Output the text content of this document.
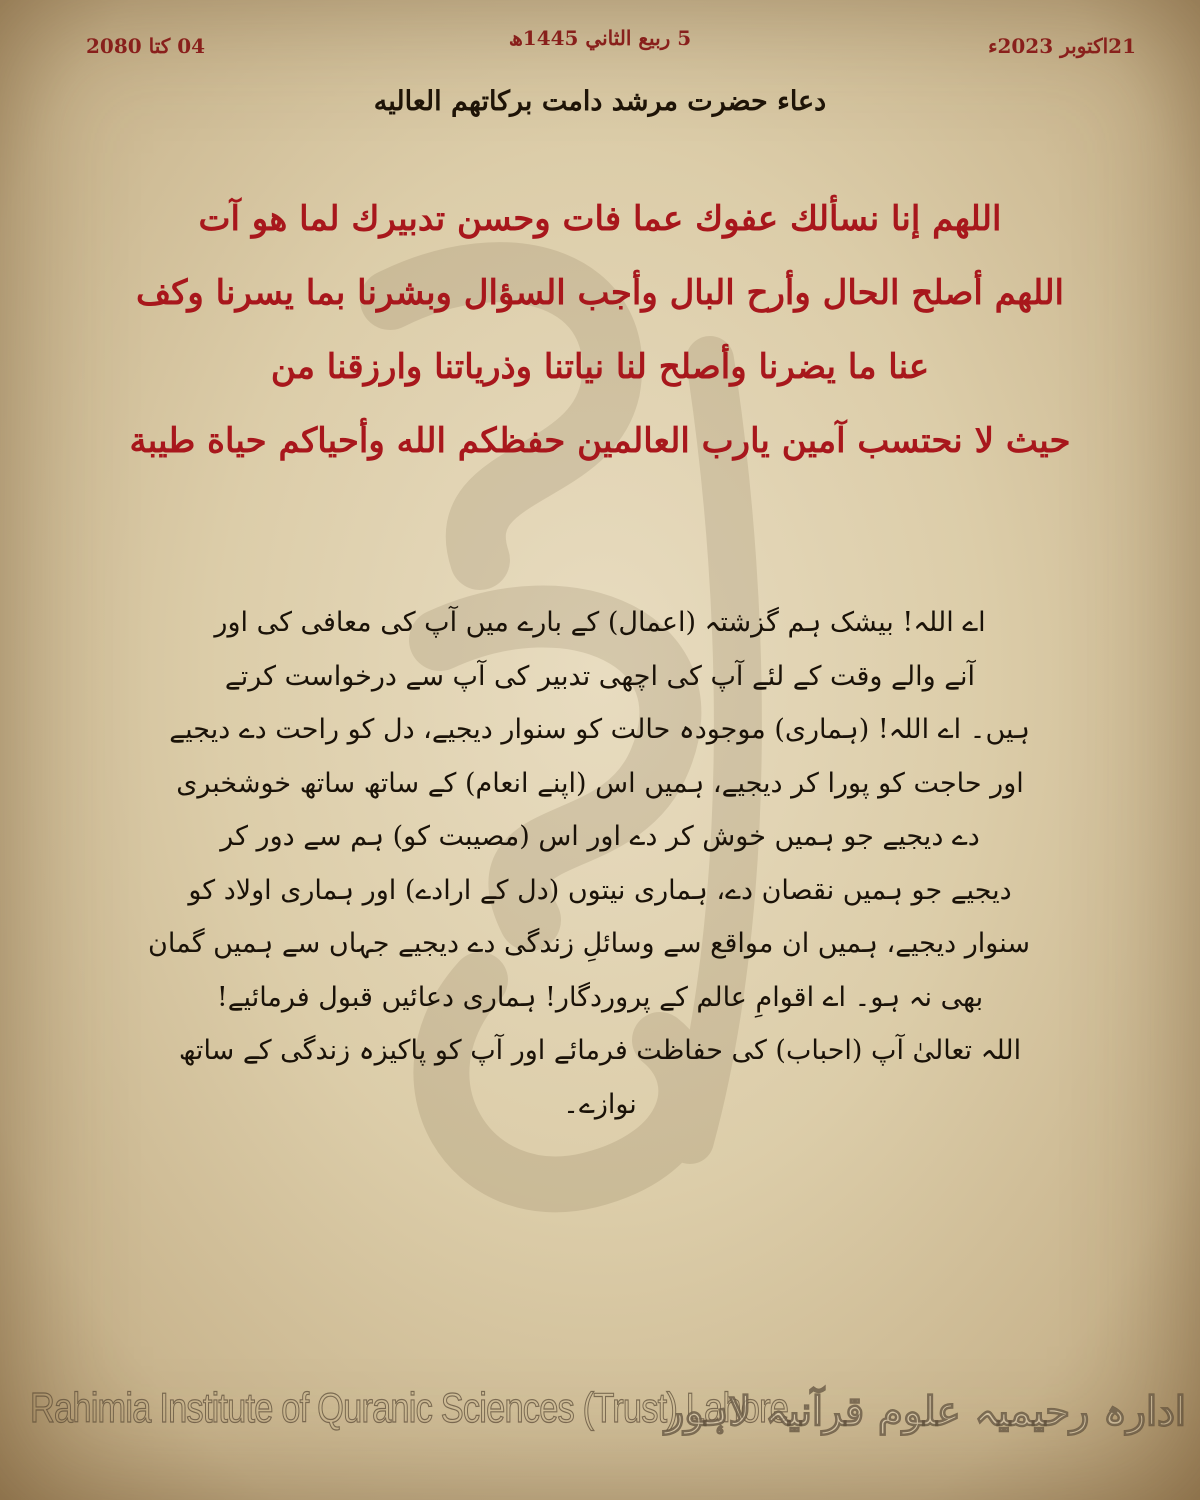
21اکتوبر 2023ء
5 ربيع الثاني 1445ھ
04 کتا 2080
دعاء حضرت مرشد دامت برکاتهم العالیه

اللهم إنا نسألك عفوك عما فات وحسن تدبيرك لما هو آت
اللهم أصلح الحال وأرح البال وأجب السؤال وبشرنا بما يسرنا وكف
عنا ما يضرنا وأصلح لنا نياتنا وذرياتنا وارزقنا من
حيث لا نحتسب آمين يارب العالمين حفظكم الله وأحياكم حياة طيبة

اے اللہ! بیشک ہم گزشتہ (اعمال) کے بارے میں آپ کی معافی کی اور
آنے والے وقت کے لئے آپ کی اچھی تدبیر کی آپ سے درخواست کرتے
ہیں۔ اے اللہ! (ہماری) موجودہ حالت کو سنوار دیجیے، دل کو راحت دے دیجیے
اور حاجت کو پورا کر دیجیے، ہمیں اس (اپنے انعام) کے ساتھ ساتھ خوشخبری
دے دیجیے جو ہمیں خوش کر دے اور اس (مصیبت کو) ہم سے دور کر
دیجیے جو ہمیں نقصان دے، ہماری نیتوں (دل کے ارادے) اور ہماری اولاد کو
سنوار دیجیے، ہمیں ان مواقع سے وسائلِ زندگی دے دیجیے جہاں سے ہمیں گمان
بھی نہ ہو۔ اے اقوامِ عالم کے پروردگار! ہماری دعائیں قبول فرمائیے!
اللہ تعالیٰ آپ (احباب) کی حفاظت فرمائے اور آپ کو پاکیزہ زندگی کے ساتھ
نوازے۔

Rahimia Institute of Quranic Sciences (Trust) Lahore
ادارہ رحیمیہ علوم قرآنیہ لاہور
